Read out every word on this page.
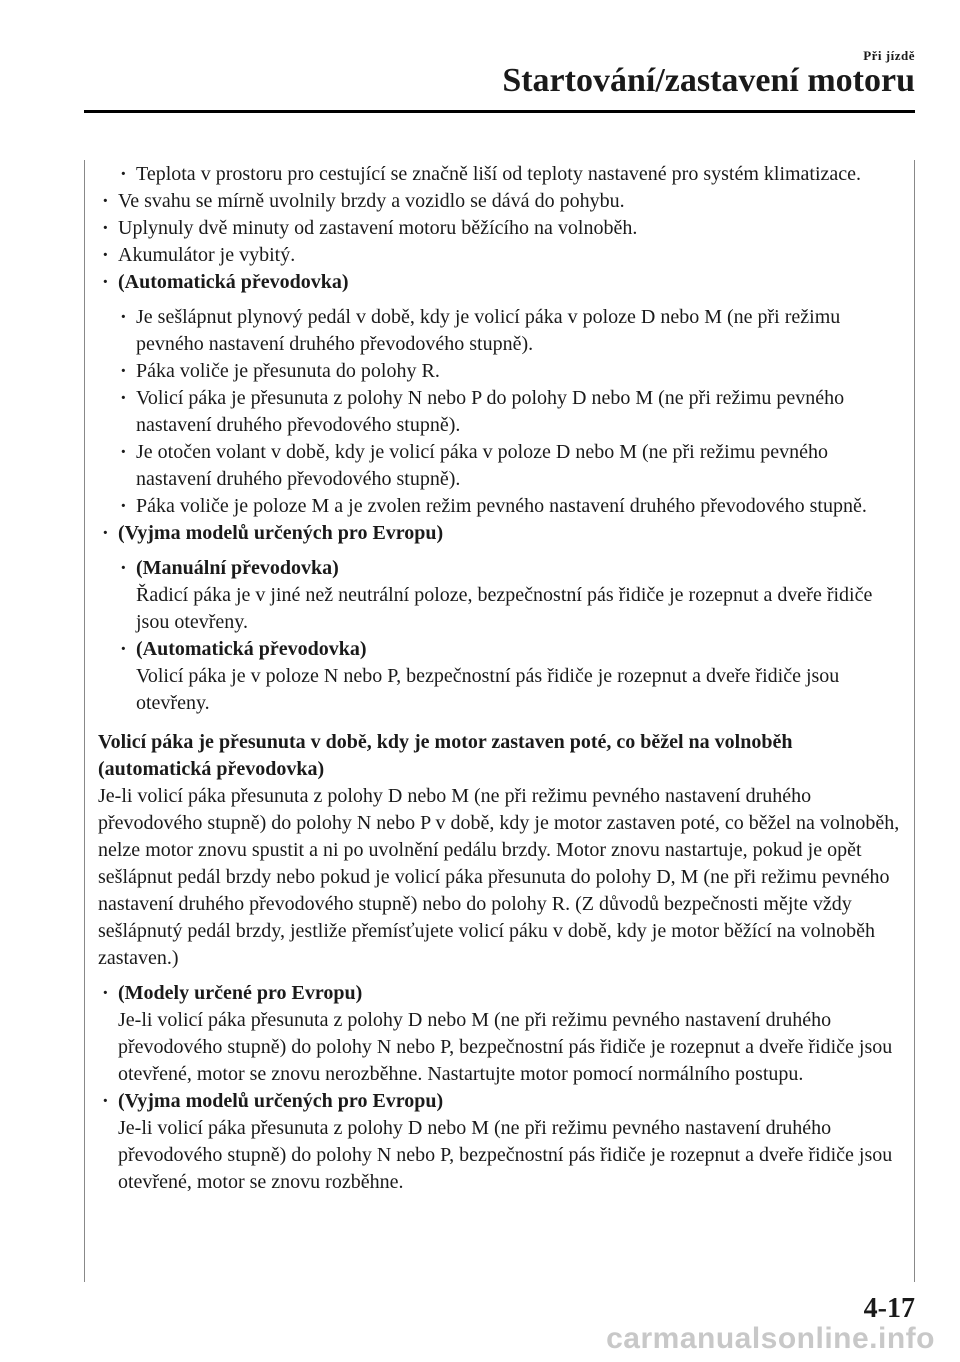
Při jízdě
Startování/zastavení motoru
· Teplota v prostoru pro cestující se značně liší od teploty nastavené pro systém klimatizace.
· Ve svahu se mírně uvolnily brzdy a vozidlo se dává do pohybu.
· Uplynuly dvě minuty od zastavení motoru běžícího na volnoběh.
· Akumulátor je vybitý.
· (Automatická převodovka)
· Je sešlápnut plynový pedál v době, kdy je volicí páka v poloze D nebo M (ne při režimu pevného nastavení druhého převodového stupně).
· Páka voliče je přesunuta do polohy R.
· Volicí páka je přesunuta z polohy N nebo P do polohy D nebo M (ne při režimu pevného nastavení druhého převodového stupně).
· Je otočen volant v době, kdy je volicí páka v poloze D nebo M (ne při režimu pevného nastavení druhého převodového stupně).
· Páka voliče je poloze M a je zvolen režim pevného nastavení druhého převodového stupně.
· (Vyjma modelů určených pro Evropu)
· (Manuální převodovka)
Řadicí páka je v jiné než neutrální poloze, bezpečnostní pás řidiče je rozepnut a dveře řidiče jsou otevřeny.
· (Automatická převodovka)
Volicí páka je v poloze N nebo P, bezpečnostní pás řidiče je rozepnut a dveře řidiče jsou otevřeny.

Volicí páka je přesunuta v době, kdy je motor zastaven poté, co běžel na volnoběh (automatická převodovka)

Je-li volicí páka přesunuta z polohy D nebo M (ne při režimu pevného nastavení druhého převodového stupně) do polohy N nebo P v době, kdy je motor zastaven poté, co běžel na volnoběh, nelze motor znovu spustit a ni po uvolnění pedálu brzdy. Motor znovu nastartuje, pokud je opět sešlápnut pedál brzdy nebo pokud je volicí páka přesunuta do polohy D, M (ne při režimu pevného nastavení druhého převodového stupně) nebo do polohy R. (Z důvodů bezpečnosti mějte vždy sešlápnutý pedál brzdy, jestliže přemísťujete volicí páku v době, kdy je motor běžící na volnoběh zastaven.)

· (Modely určené pro Evropu)
Je-li volicí páka přesunuta z polohy D nebo M (ne při režimu pevného nastavení druhého převodového stupně) do polohy N nebo P, bezpečnostní pás řidiče je rozepnut a dveře řidiče jsou otevřené, motor se znovu nerozběhne. Nastartujte motor pomocí normálního postupu.
· (Vyjma modelů určených pro Evropu)
Je-li volicí páka přesunuta z polohy D nebo M (ne při režimu pevného nastavení druhého převodového stupně) do polohy N nebo P, bezpečnostní pás řidiče je rozepnut a dveře řidiče jsou otevřené, motor se znovu rozběhne.
4-17
carmanualsonline.info
